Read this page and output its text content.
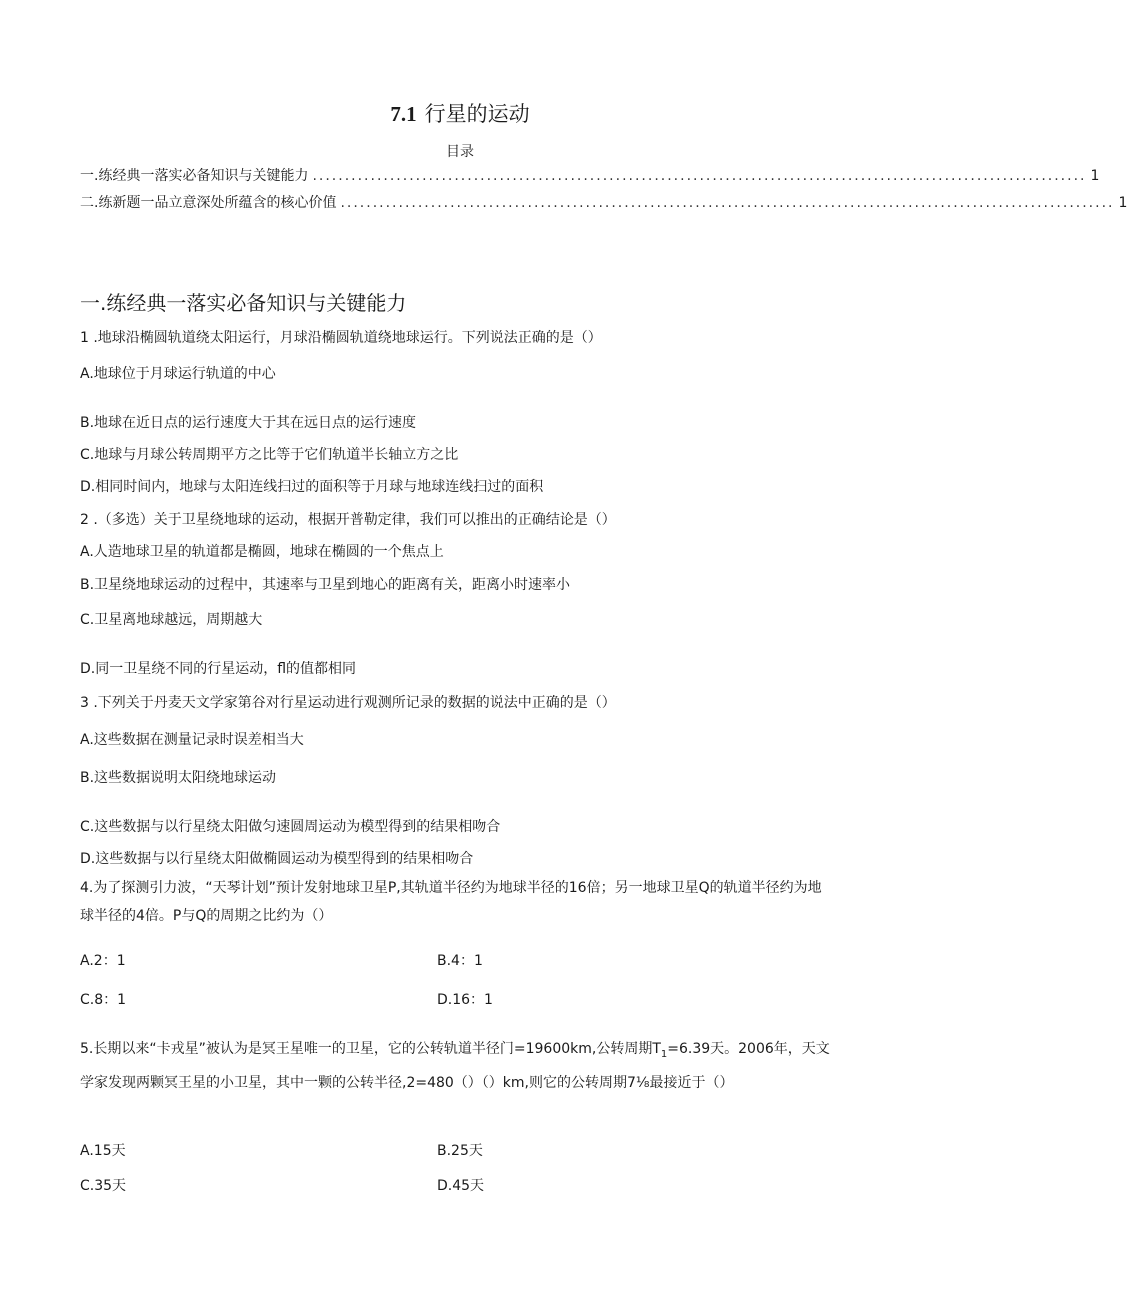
7.1 行星的运动
目录
一 .练经典一落实必备知识与关键能力 ........................................................................................................................ 1
二 .练新题一品立意深处所蕴含的核心价值 ........................................................................................................................ 1
一.练经典一落实必备知识与关键能力
1 .地球沿椭圆轨道绕太阳运行，月球沿椭圆轨道绕地球运行。下列说法正确的是（）
A.地球位于月球运行轨道的中心
B.地球在近日点的运行速度大于其在远日点的运行速度
C.地球与月球公转周期平方之比等于它们轨道半长轴立方之比
D.相同时间内，地球与太阳连线扫过的面积等于月球与地球连线扫过的面积
2 .（多选）关于卫星绕地球的运动，根据开普勒定律，我们可以推出的正确结论是（）
A.人造地球卫星的轨道都是椭圆，地球在椭圆的一个焦点上
B.卫星绕地球运动的过程中，其速率与卫星到地心的距离有关，距离小时速率小
C.卫星离地球越远，周期越大
D.同一卫星绕不同的行星运动，fl的值都相同
3 .下列关于丹麦天文学家第谷对行星运动进行观测所记录的数据的说法中正确的是（）
A.这些数据在测量记录时误差相当大
B.这些数据说明太阳绕地球运动
C.这些数据与以行星绕太阳做匀速圆周运动为模型得到的结果相吻合
D.这些数据与以行星绕太阳做椭圆运动为模型得到的结果相吻合
4.为了探测引力波，“天琴计划”预计发射地球卫星P,其轨道半径约为地球半径的16倍；另一地球卫星Q的轨道半径约为地球半径的4倍。P与Q的周期之比约为（）
A.2：1	B.4：1
C.8：1	D.16：1
5.长期以来“卡戎星”被认为是冥王星唯一的卫星，它的公转轨道半径门=19600km,公转周期$T_1=6.39$天。2006年，天文学家发现两颗冥王星的小卫星，其中一颗的公转半径,2=480（）（）km,则它的公转周期7⅛最接近于（）
A.15天	B.25天
C.35天	D.45天
